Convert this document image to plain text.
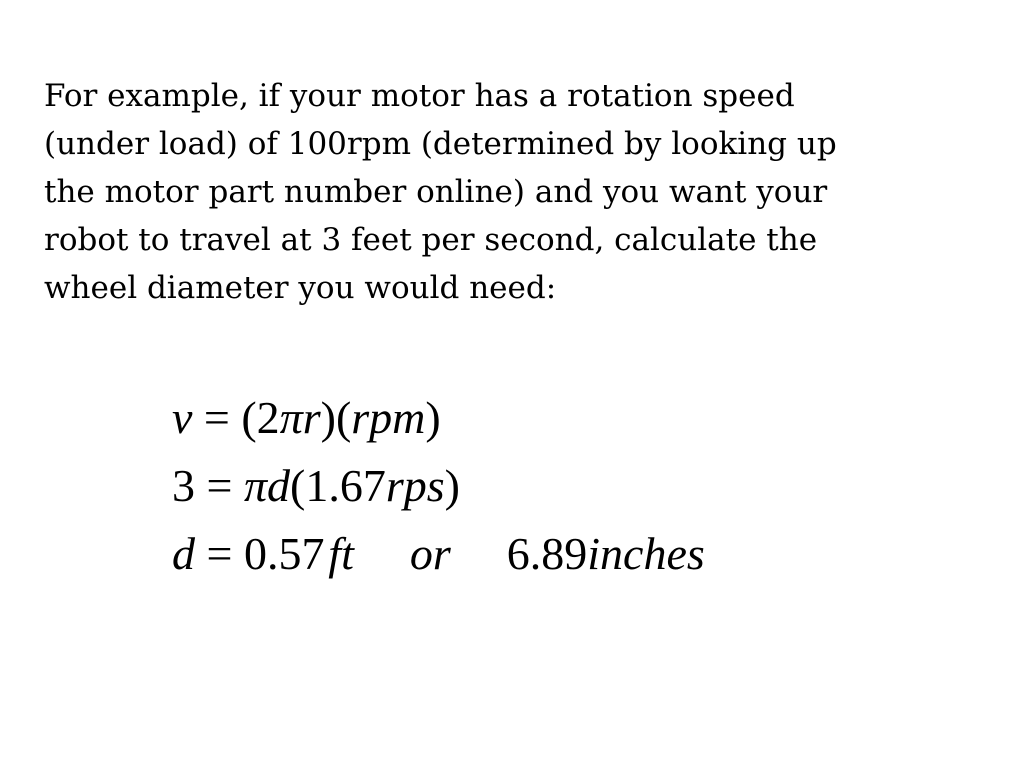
For example, if your motor has a rotation speed
(under load) of 100rpm (determined by looking up
the motor part number online) and you want your
robot to travel at 3 feet per second, calculate the
wheel diameter you would need:

v = (2πr)(rpm)
3 = πd(1.67rps)
d = 0.57 ft or 6.89inches
